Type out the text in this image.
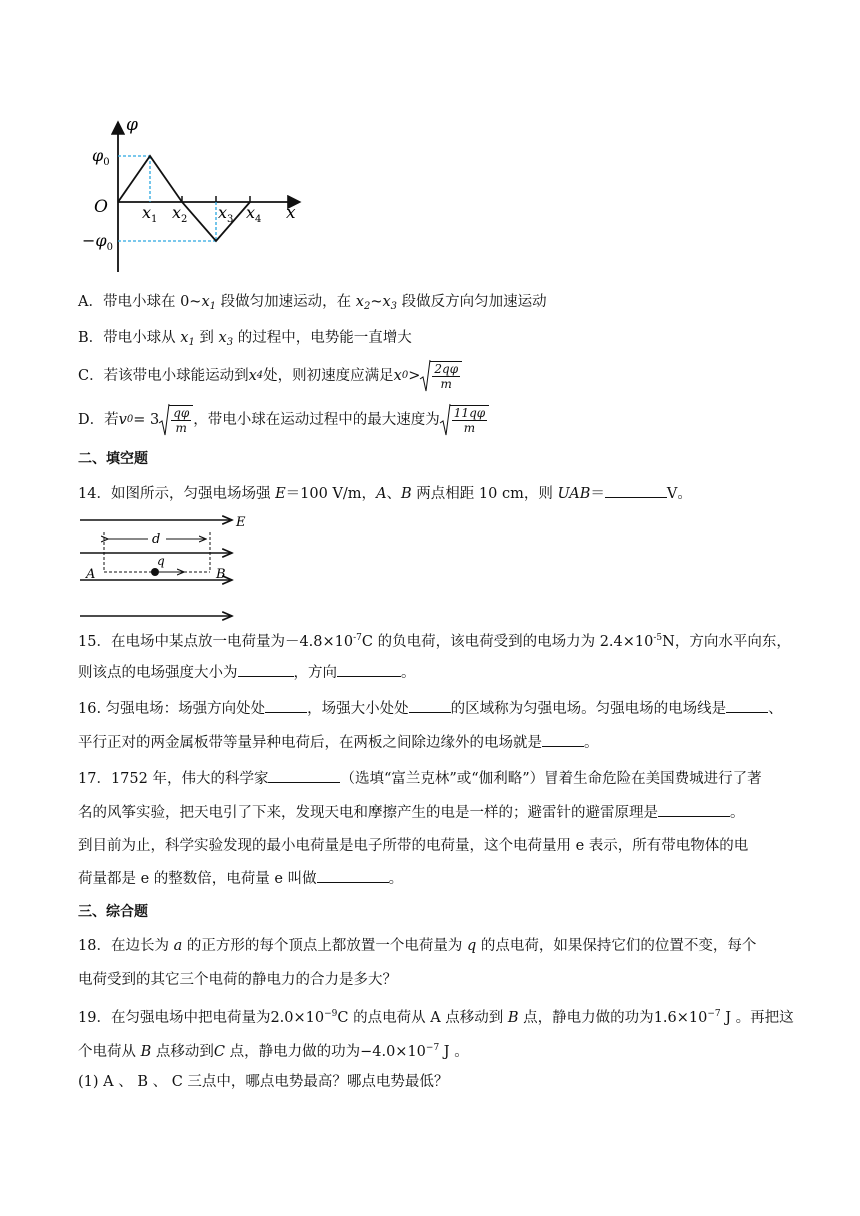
φ
$\varphi_0$
O
$-\varphi_0$
$x_1$ $x_2$ $x_3$ $x_4$ x
A．带电小球在 $0\sim x_1$ 段做匀加速运动，在 $x_2\sim x_3$ 段做反方向匀加速运动
B．带电小球从 $x_1$ 到 $x_3$ 的过程中，电势能一直增大
C．若该带电小球能运动到 x 4 处，则初速度应满足 x $0 > \frac{2q\varphi}{m}$
D．若 v $0 = 3 \frac{q\varphi}{m}$ ，带电小球在运动过程中的最大速度为 $\frac{11q\varphi}{m}$
二、填空题
14．如图所示，匀强电场场强 E＝100 V/m，A、B 两点相距 10 cm，则 UAB＝	V。
E
d
q
A	B
15．在电场中某点放一电荷量为$-4.8\times 10^{-7}C$ 的负电荷，该电荷受到的电场力为 $2.4\times 10^{-5}N$，方向水平向东，
则该点的电场强度大小为	，方向	。
16. 匀强电场：场强方向处处	，场强大小处处	的区域称为匀强电场。匀强电场的电场线是	、
平行正对的两金属板带等量异种电荷后，在两板之间除边缘外的电场就是	。
17．1752 年，伟大的科学家	（选填“富兰克林”或“伽利略”）冒着生命危险在美国费城进行了著
名的风筝实验，把天电引了下来，发现天电和摩擦产生的电是一样的；避雷针的避雷原理是	。
到目前为止，科学实验发现的最小电荷量是电子所带的电荷量，这个电荷量用 e 表示，所有带电物体的电
荷量都是 e 的整数倍，电荷量 e 叫做	。
三、综合题
18．在边长为 a 的正方形的每个顶点上都放置一个电荷量为 q 的点电荷，如果保持它们的位置不变，每个
电荷受到的其它三个电荷的静电力的合力是多大？
19．在匀强电场中把电荷量为$2.0\times 10^{-9}C$ 的点电荷从 A 点移动到 B 点，静电力做的功为$1.6\times 10^{-7}$ J 。再把这
个电荷从 B 点移动到C 点，静电力做的功为$-4.0\times 10^{-7}$ J 。
(1) A 、 B 、 C 三点中，哪点电势最高？哪点电势最低？
